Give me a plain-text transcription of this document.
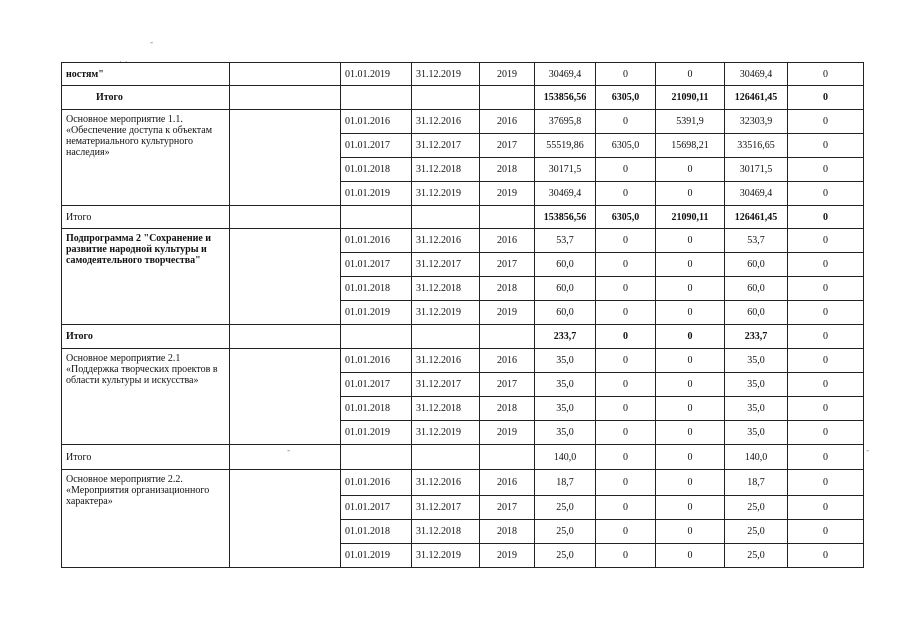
-
· ·
-	-
ностям"		01.01.2019	31.12.2019	2019	30469,4	0	0	30469,4	0
Итого					153856,56	6305,0	21090,11	126461,45	0
Основное мероприятие 1.1. «Обеспечение доступа к объектам нематериального культурного наследия»		01.01.2016	31.12.2016	2016	37695,8	0	5391,9	32303,9	0
		01.01.2017	31.12.2017	2017	55519,86	6305,0	15698,21	33516,65	0
		01.01.2018	31.12.2018	2018	30171,5	0	0	30171,5	0
		01.01.2019	31.12.2019	2019	30469,4	0	0	30469,4	0
Итого					153856,56	6305,0	21090,11	126461,45	0
Подпрограмма 2 "Сохранение и развитие народной культуры и самодеятельного творчества"		01.01.2016	31.12.2016	2016	53,7	0	0	53,7	0
		01.01.2017	31.12.2017	2017	60,0	0	0	60,0	0
		01.01.2018	31.12.2018	2018	60,0	0	0	60,0	0
		01.01.2019	31.12.2019	2019	60,0	0	0	60,0	0
Итого					233,7	0	0	233,7	0
Основное мероприятие 2.1 «Поддержка творческих проектов в области культуры и искусства»		01.01.2016	31.12.2016	2016	35,0	0	0	35,0	0
		01.01.2017	31.12.2017	2017	35,0	0	0	35,0	0
		01.01.2018	31.12.2018	2018	35,0	0	0	35,0	0
		01.01.2019	31.12.2019	2019	35,0	0	0	35,0	0
Итого					140,0	0	0	140,0	0
Основное мероприятие 2.2. «Мероприятия организационного характера»		01.01.2016	31.12.2016	2016	18,7	0	0	18,7	0
		01.01.2017	31.12.2017	2017	25,0	0	0	25,0	0
		01.01.2018	31.12.2018	2018	25,0	0	0	25,0	0
		01.01.2019	31.12.2019	2019	25,0	0	0	25,0	0
